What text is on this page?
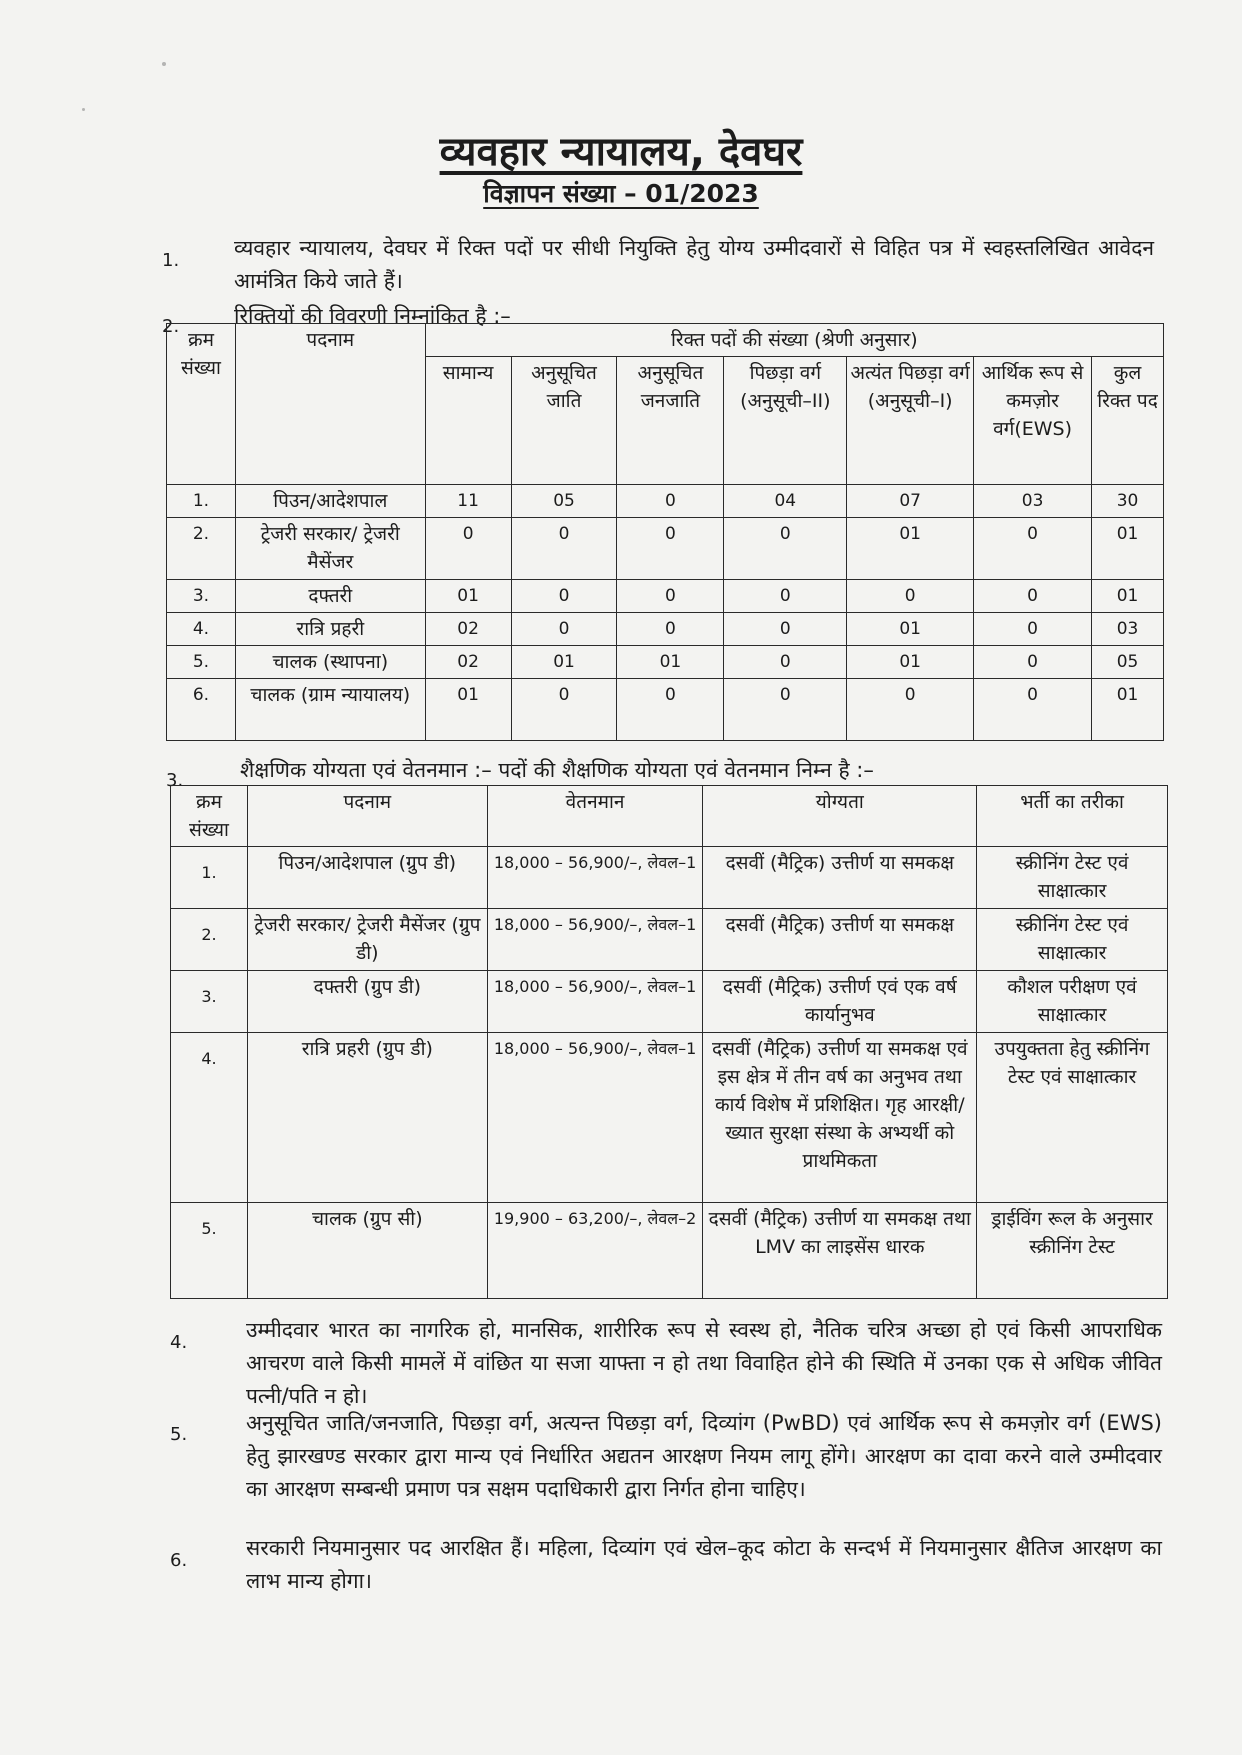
व्यवहार न्यायालय, देवघर
विज्ञापन संख्या – 01/2023
1.
व्यवहार न्यायालय, देवघर में रिक्त पदों पर सीधी नियुक्ति हेतु योग्य उम्मीदवारों से विहित पत्र में स्वहस्तलिखित आवेदन आमंत्रित किये जाते हैं।
2.	रिक्तियों की विवरणी निम्नांकित है :–
क्रम संख्या	पदनाम	रिक्त पदों की संख्या (श्रेणी अनुसार)						
		सामान्य	अनुसूचित जाति	अनुसूचित जनजाति	पिछड़ा वर्ग (अनुसूची–II)	अत्यंत पिछड़ा वर्ग (अनुसूची–I)	आर्थिक रूप से कमज़ोर वर्ग(EWS)	कुल रिक्त पद
1.	पिउन/आदेशपाल	11	05	0	04	07	03	30
2.	ट्रेजरी सरकार/ ट्रेजरी मैसेंजर	0	0	0	0	01	0	01
3.	दफ्तरी	01	0	0	0	0	0	01
4.	रात्रि प्रहरी	02	0	0	0	01	0	03
5.	चालक (स्थापना)	02	01	01	0	01	0	05
6.	चालक (ग्राम न्यायालय)	01	0	0	0	0	0	01
3.	शैक्षणिक योग्यता एवं वेतनमान :– पदों की शैक्षणिक योग्यता एवं वेतनमान निम्न है :–
क्रम संख्या	पदनाम	वेतनमान	योग्यता	भर्ती का तरीका
1.	पिउन/आदेशपाल (ग्रुप डी)	18,000 – 56,900/–, लेवल–1	दसवीं (मैट्रिक) उत्तीर्ण या समकक्ष	स्क्रीनिंग टेस्ट एवं साक्षात्कार
2.	ट्रेजरी सरकार/ ट्रेजरी मैसेंजर (ग्रुप डी)	18,000 – 56,900/–, लेवल–1	दसवीं (मैट्रिक) उत्तीर्ण या समकक्ष	स्क्रीनिंग टेस्ट एवं साक्षात्कार
3.	दफ्तरी (ग्रुप डी)	18,000 – 56,900/–, लेवल–1	दसवीं (मैट्रिक) उत्तीर्ण एवं एक वर्ष कार्यानुभव	कौशल परीक्षण एवं साक्षात्कार
4.	रात्रि प्रहरी (ग्रुप डी)	18,000 – 56,900/–, लेवल–1	दसवीं (मैट्रिक) उत्तीर्ण या समकक्ष एवं इस क्षेत्र में तीन वर्ष का अनुभव तथा कार्य विशेष में प्रशिक्षित। गृह आरक्षी/ ख्यात सुरक्षा संस्था के अभ्यर्थी को प्राथमिकता	उपयुक्तता हेतु स्क्रीनिंग टेस्ट एवं साक्षात्कार
5.	चालक (ग्रुप सी)	19,900 – 63,200/–, लेवल–2	दसवीं (मैट्रिक) उत्तीर्ण या समकक्ष तथा LMV का लाइसेंस धारक	ड्राईविंग रूल के अनुसार स्क्रीनिंग टेस्ट
4.
उम्मीदवार भारत का नागरिक हो, मानसिक, शारीरिक रूप से स्वस्थ हो, नैतिक चरित्र अच्छा हो एवं किसी आपराधिक आचरण वाले किसी मामलें में वांछित या सजा याफ्ता न हो तथा विवाहित होने की स्थिति में उनका एक से अधिक जीवित पत्नी/पति न हो।
5.	अनुसूचित जाति/जनजाति, पिछड़ा वर्ग, अत्यन्त पिछड़ा वर्ग, दिव्यांग (PwBD) एवं आर्थिक रूप से कमज़ोर वर्ग (EWS) हेतु झारखण्ड सरकार द्वारा मान्य एवं निर्धारित अद्यतन आरक्षण नियम लागू होंगे। आरक्षण का दावा करने वाले उम्मीदवार का आरक्षण सम्बन्धी प्रमाण पत्र सक्षम पदाधिकारी द्वारा निर्गत होना चाहिए।
6.
सरकारी नियमानुसार पद आरक्षित हैं। महिला, दिव्यांग एवं खेल–कूद कोटा के सन्दर्भ में नियमानुसार क्षैतिज आरक्षण का लाभ मान्य होगा।
